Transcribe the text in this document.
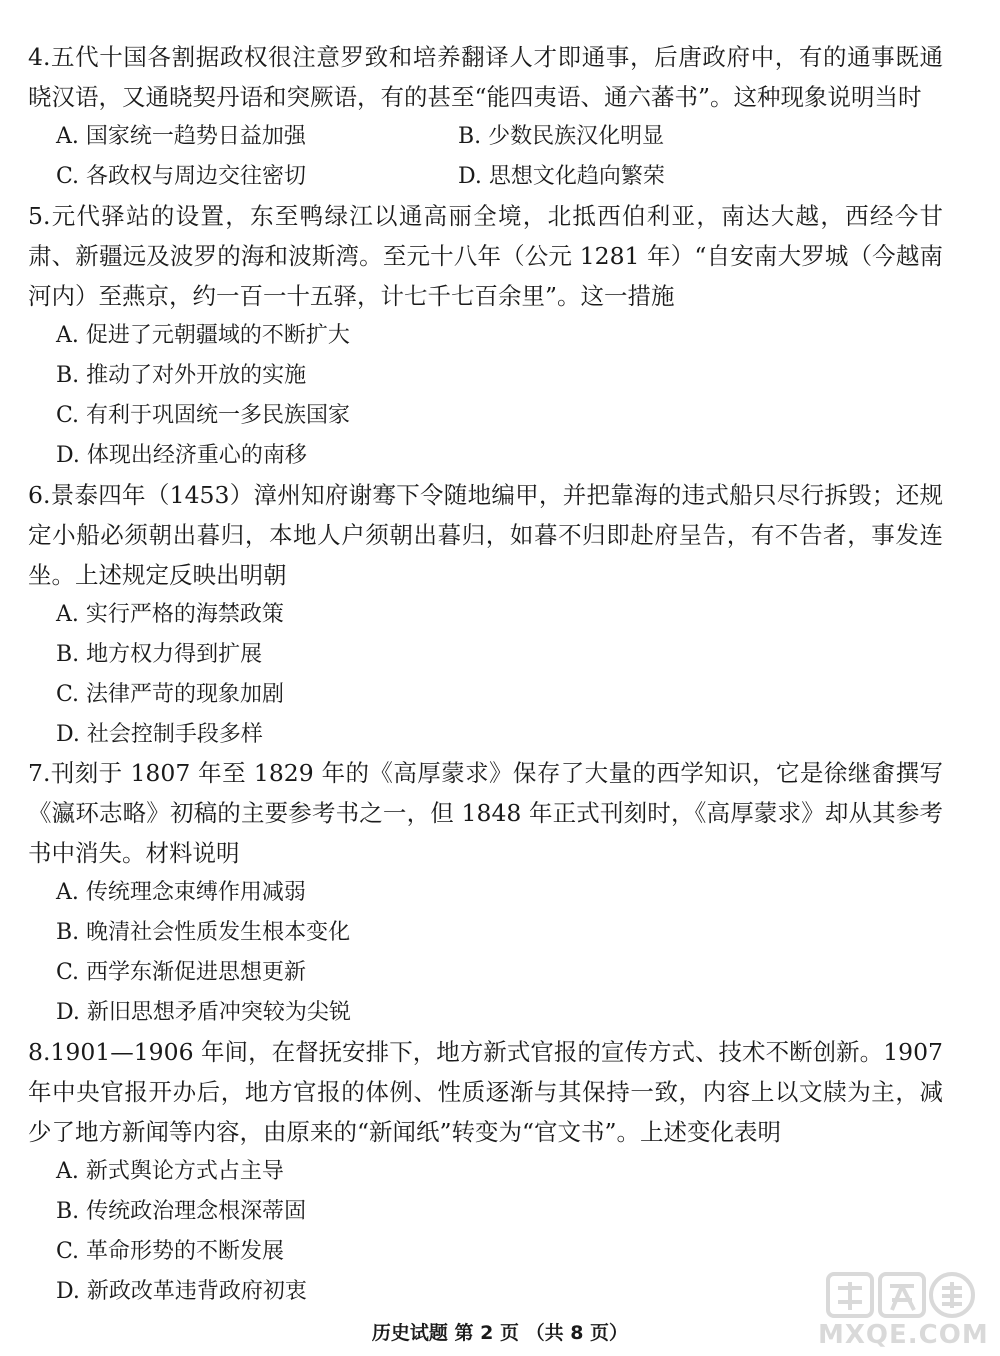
4.五代十国各割据政权很注意罗致和培养翻译人才即通事，后唐政府中，有的通事既通晓汉语，又通晓契丹语和突厥语，有的甚至“能四夷语、通六蕃书”。这种现象说明当时
A. 国家统一趋势日益加强	B. 少数民族汉化明显
C. 各政权与周边交往密切	D. 思想文化趋向繁荣
5.元代驿站的设置，东至鸭绿江以通高丽全境，北抵西伯利亚，南达大越，西经今甘肃、新疆远及波罗的海和波斯湾。至元十八年（公元 1281 年）“自安南大罗城（今越南河内）至燕京，约一百一十五驿，计七千七百余里”。这一措施
A. 促进了元朝疆域的不断扩大
B. 推动了对外开放的实施
C. 有利于巩固统一多民族国家
D. 体现出经济重心的南移
6.景泰四年（1453）漳州知府谢骞下令随地编甲，并把靠海的违式船只尽行拆毁；还规定小船必须朝出暮归，本地人户须朝出暮归，如暮不归即赴府呈告，有不告者，事发连坐。上述规定反映出明朝
A. 实行严格的海禁政策
B. 地方权力得到扩展
C. 法律严苛的现象加剧
D. 社会控制手段多样
7.刊刻于 1807 年至 1829 年的《高厚蒙求》保存了大量的西学知识，它是徐继畬撰写《瀛环志略》初稿的主要参考书之一，但 1848 年正式刊刻时，《高厚蒙求》却从其参考书中消失。材料说明
A. 传统理念束缚作用减弱
B. 晚清社会性质发生根本变化
C. 西学东渐促进思想更新
D. 新旧思想矛盾冲突较为尖锐
8.1901—1906 年间，在督抚安排下，地方新式官报的宣传方式、技术不断创新。1907 年中央官报开办后，地方官报的体例、性质逐渐与其保持一致，内容上以文牍为主，减少了地方新闻等内容，由原来的“新闻纸”转变为“官文书”。上述变化表明
A. 新式舆论方式占主导
B. 传统政治理念根深蒂固
C. 革命形势的不断发展
D. 新政改革违背政府初衷
历史试题 第 2 页 （共 8 页）	MXQE.COM
